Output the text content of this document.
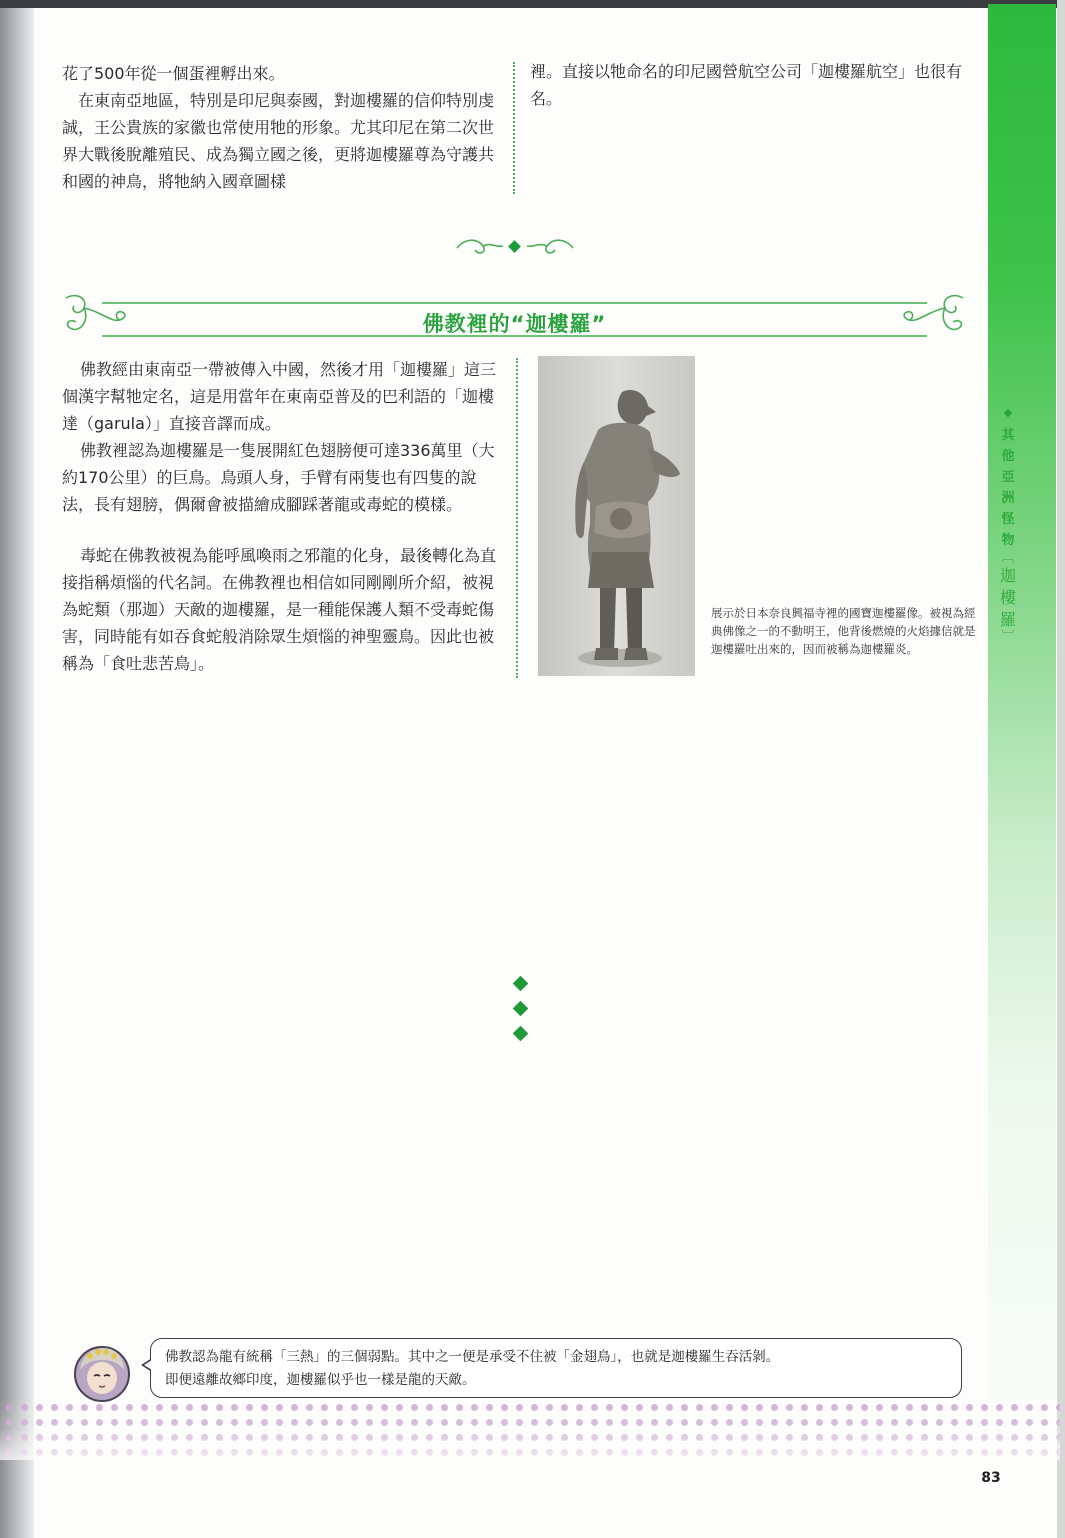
◆
其
他
亞
洲
怪
物
︹
迦
樓
羅
︺

花了500年從一個蛋裡孵出來。

在東南亞地區，特別是印尼與泰國，對迦樓羅的信仰特別虔誠，王公貴族的家徽也常使用牠的形象。尤其印尼在第二次世界大戰後脫離殖民、成為獨立國之後，更將迦樓羅尊為守護共和國的神鳥，將牠納入國章圖樣

裡。直接以牠命名的印尼國營航空公司「迦樓羅航空」也很有名。

佛教裡的“迦樓羅”

佛教經由東南亞一帶被傳入中國，然後才用「迦樓羅」這三個漢字幫牠定名，這是用當年在東南亞普及的巴利語的「迦樓達（garula）」直接音譯而成。

佛教裡認為迦樓羅是一隻展開紅色翅膀便可達336萬里（大約170公里）的巨鳥。鳥頭人身，手臂有兩隻也有四隻的說法，長有翅膀，偶爾會被描繪成腳踩著龍或毒蛇的模樣。

毒蛇在佛教被視為能呼風喚雨之邪龍的化身，最後轉化為直接指稱煩惱的代名詞。在佛教裡也相信如同剛剛所介紹，被視為蛇類（那迦）天敵的迦樓羅，是一種能保護人類不受毒蛇傷害，同時能有如吞食蛇般消除眾生煩惱的神聖靈鳥。因此也被稱為「食吐悲苦鳥」。

展示於日本奈良興福寺裡的國寶迦樓羅像。被視為經典佛像之一的不動明王，他背後燃燒的火焰據信就是迦樓羅吐出來的，因而被稱為迦樓羅炎。

佛教認為龍有統稱「三熱」的三個弱點。其中之一便是承受不住被「金翅鳥」，也就是迦樓羅生吞活剝。
即便遠離故鄉印度，迦樓羅似乎也一樣是龍的天敵。

83
